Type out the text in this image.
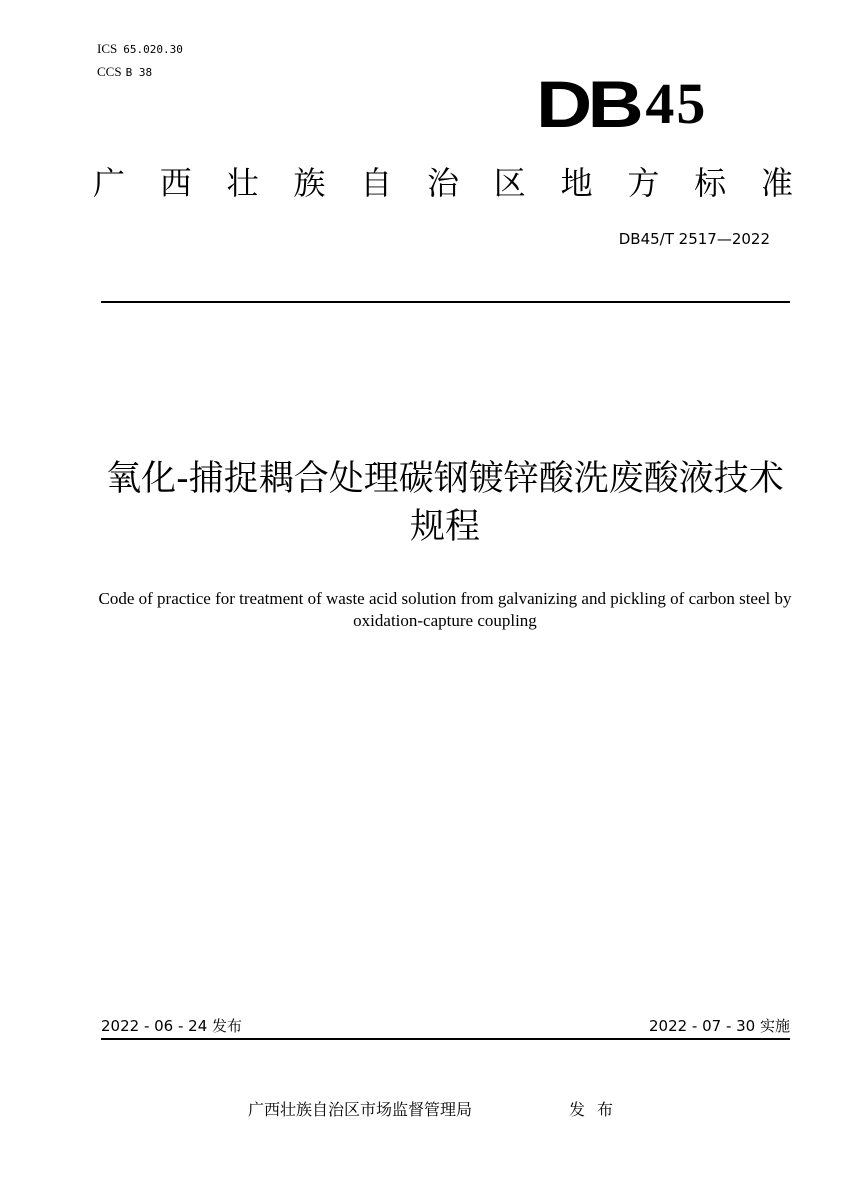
ICS 65.020.30
CCS B 38	DB 45
广 西 壮 族 自 治 区 地 方 标 准
DB45/T 2517—2022
氧化-捕捉耦合处理碳钢镀锌酸洗废酸液技术规程
Code of practice for treatment of waste acid solution from galvanizing and pickling of carbon steel by oxidation-capture coupling
2022 - 06 - 24 发布	2022 - 07 - 30 实施
广西壮族自治区市场监督管理局	发布
